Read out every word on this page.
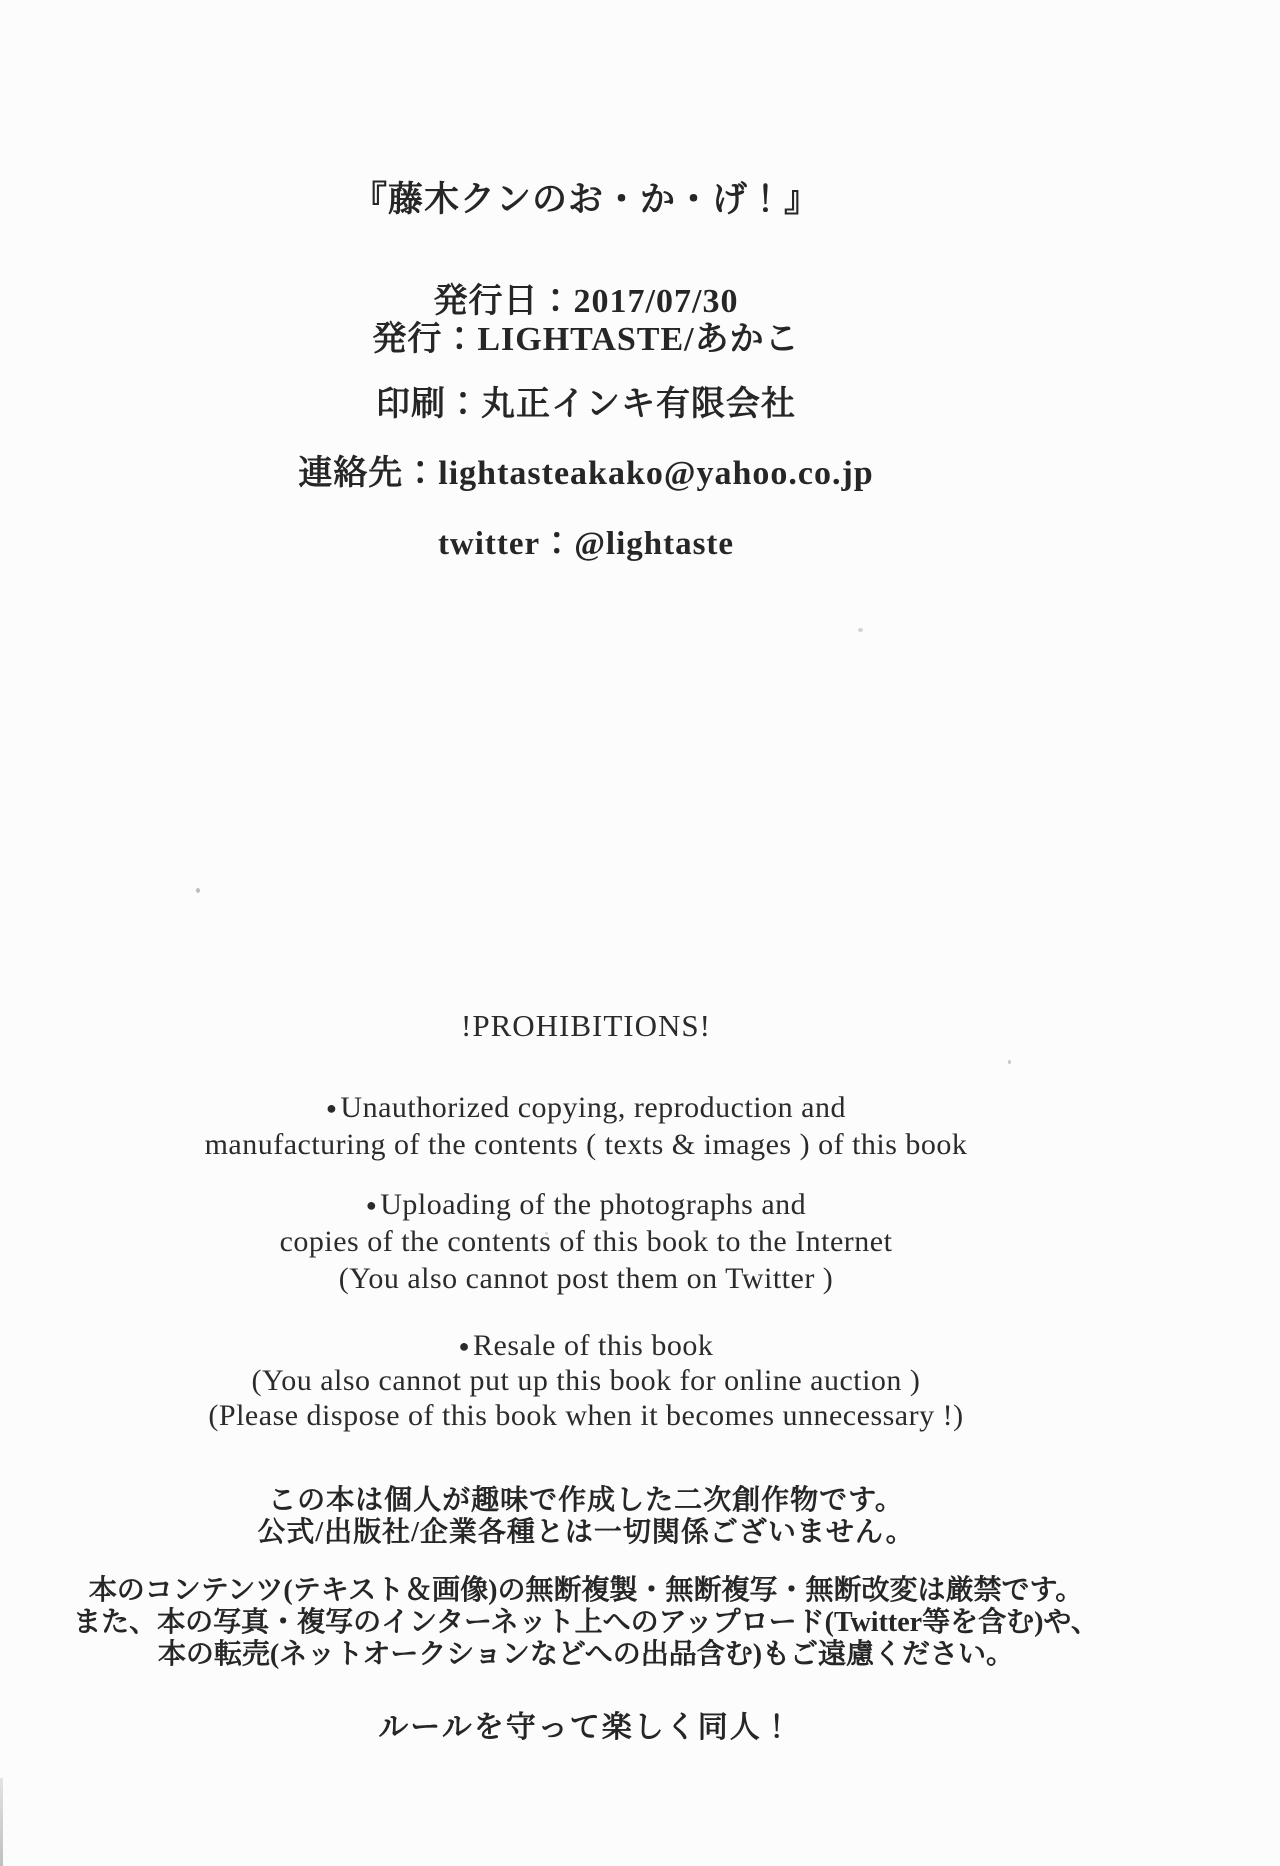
『藤木クンのお・か・げ！』
発行日：2017/07/30
発行：LIGHTASTE/あかこ
印刷：丸正インキ有限会社
連絡先：lightasteakako@yahoo.co.jp
twitter：@lightaste
!PROHIBITIONS!
● Unauthorized copying, reproduction and
manufacturing of the contents ( texts & images ) of this book
● Uploading of the photographs and
copies of the contents of this book to the Internet
(You also cannot post them on Twitter )
● Resale of this book
(You also cannot put up this book for online auction )
(Please dispose of this book when it becomes unnecessary !)
この本は個人が趣味で作成した二次創作物です。
公式/出版社/企業各種とは一切関係ございません。
本のコンテンツ(テキスト＆画像)の無断複製・無断複写・無断改変は厳禁です。
また、本の写真・複写のインターネット上へのアップロード(Twitter等を含む)や、
本の転売(ネットオークションなどへの出品含む)もご遠慮ください。
ルールを守って楽しく同人！
